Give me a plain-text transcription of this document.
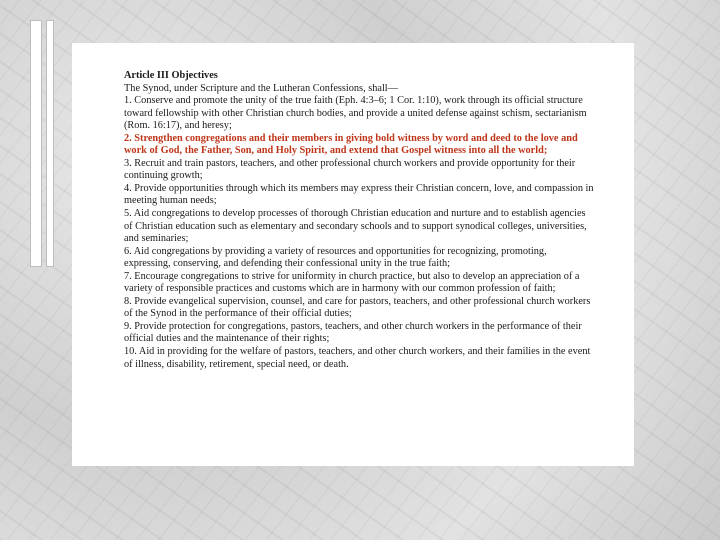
Article III Objectives

The Synod, under Scripture and the Lutheran Confessions, shall—

1. Conserve and promote the unity of the true faith (Eph. 4:3–6; 1 Cor. 1:10), work through its official structure toward fellowship with other Christian church bodies, and provide a united defense against schism, sectarianism (Rom. 16:17), and heresy;

2. Strengthen congregations and their members in giving bold witness by word and deed to the love and work of God, the Father, Son, and Holy Spirit, and extend that Gospel witness into all the world;

3. Recruit and train pastors, teachers, and other professional church workers and provide opportunity for their continuing growth;

4. Provide opportunities through which its members may express their Christian concern, love, and compassion in meeting human needs;

5. Aid congregations to develop processes of thorough Christian education and nurture and to establish agencies of Christian education such as elementary and secondary schools and to support synodical colleges, universities, and seminaries;

6. Aid congregations by providing a variety of resources and opportunities for recognizing, promoting, expressing, conserving, and defending their confessional unity in the true faith;

7. Encourage congregations to strive for uniformity in church practice, but also to develop an appreciation of a variety of responsible practices and customs which are in harmony with our common profession of faith;

8. Provide evangelical supervision, counsel, and care for pastors, teachers, and other professional church workers of the Synod in the performance of their official duties;

9. Provide protection for congregations, pastors, teachers, and other church workers in the performance of their official duties and the maintenance of their rights;

10. Aid in providing for the welfare of pastors, teachers, and other church workers, and their families in the event of illness, disability, retirement, special need, or death.
